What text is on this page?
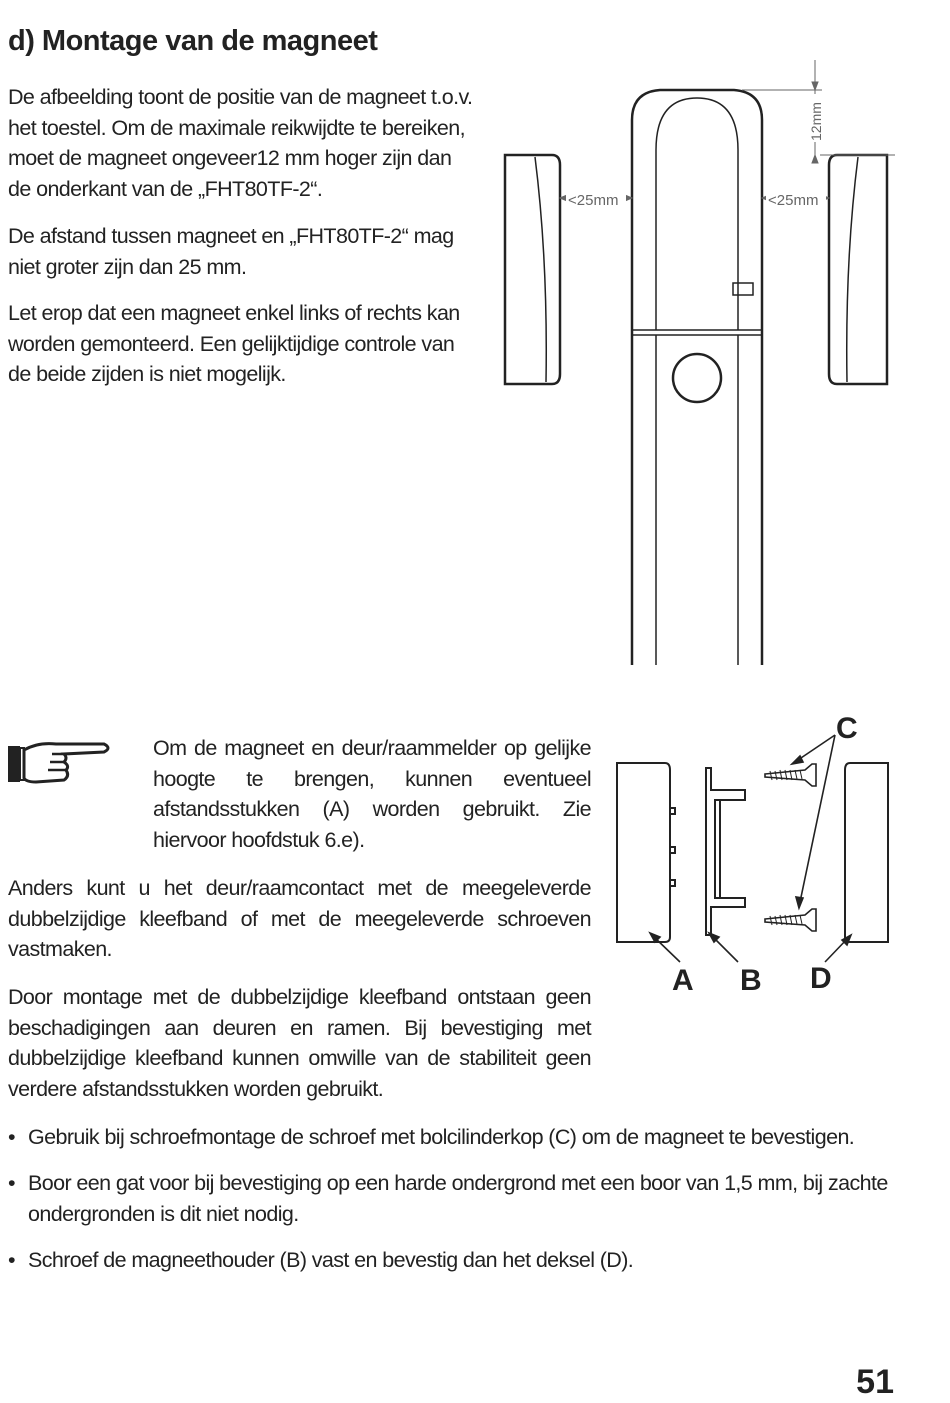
d) Montage van de magneet
De afbeelding toont de positie van de magneet t.o.v. het toestel. Om de maximale reikwijdte te bereiken, moet de magneet ongeveer12 mm hoger zijn dan de onderkant van de „FHT80TF-2“.
De afstand tussen magneet en „FHT80TF-2“ mag niet groter zijn dan 25 mm.
Let erop dat een magneet enkel links of rechts kan worden gemonteerd. Een gelijktijdige controle van de beide zijden is niet mogelijk.
<25mm	<25mm
12mm
Om de magneet en deur/raammelder op gelijke hoogte te brengen, kunnen eventueel afstandsstukken (A) worden gebruikt. Zie hiervoor hoofdstuk 6.e).
Anders kunt u het deur/raamcontact met de meegeleverde dubbelzijdige kleefband of met de meegeleverde schroeven vastmaken.
Door montage met de dubbelzijdige kleefband ontstaan geen beschadigingen aan deuren en ramen. Bij bevestiging met dubbelzijdige kleefband kunnen omwille van de stabiliteit geen verdere afstandsstukken worden gebruikt.
A B
C
D
• Gebruik bij schroefmontage de schroef met bolcilinderkop (C) om de magneet te bevestigen.
• Boor een gat voor bij bevestiging op een harde ondergrond met een boor van 1,5 mm, bij zachte ondergronden is dit niet nodig.
• Schroef de magneethouder (B) vast en bevestig dan het deksel (D).
51
